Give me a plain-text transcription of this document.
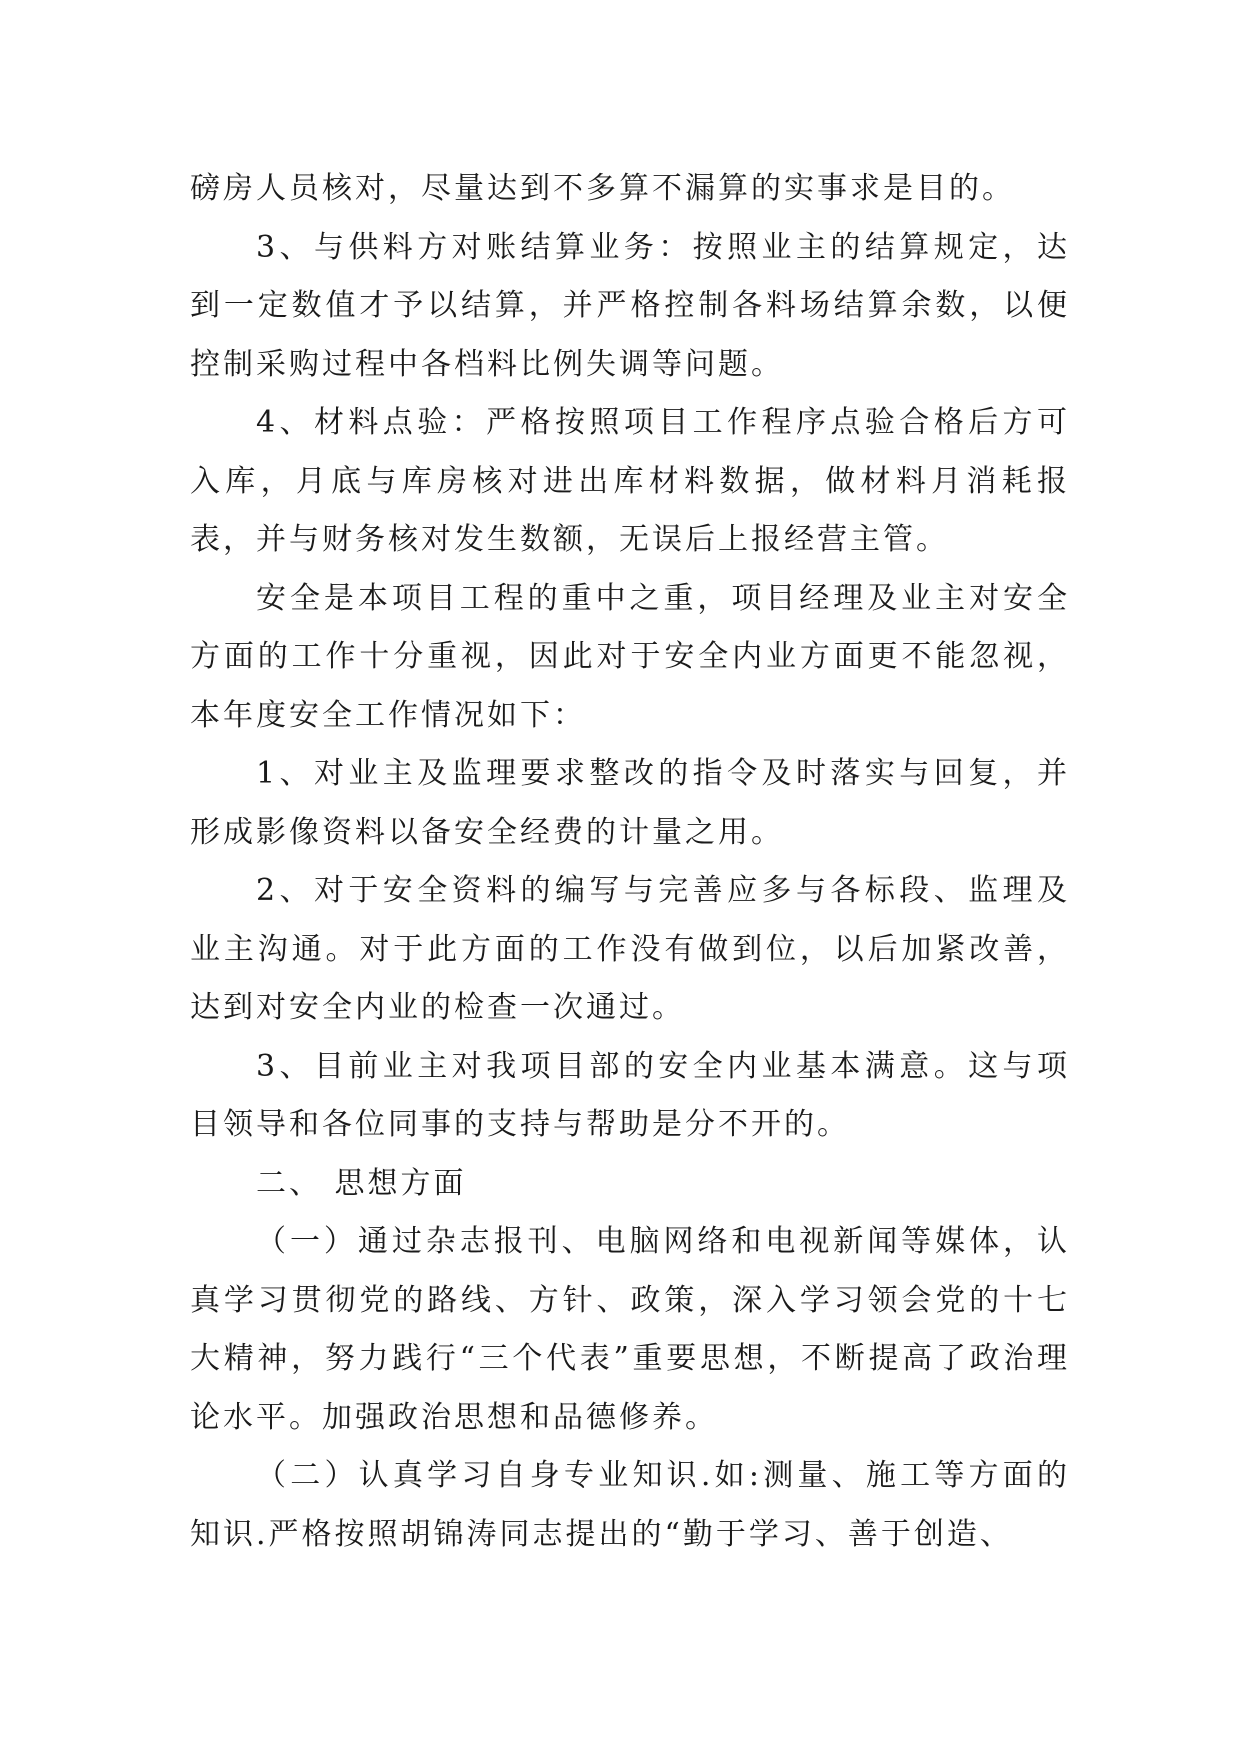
磅房人员核对，尽量达到不多算不漏算的实事求是目的。

3、与供料方对账结算业务：按照业主的结算规定，达到一定数值才予以结算，并严格控制各料场结算余数，以便控制采购过程中各档料比例失调等问题。

4、材料点验：严格按照项目工作程序点验合格后方可入库，月底与库房核对进出库材料数据，做材料月消耗报表，并与财务核对发生数额，无误后上报经营主管。

安全是本项目工程的重中之重，项目经理及业主对安全方面的工作十分重视，因此对于安全内业方面更不能忽视，本年度安全工作情况如下：

1、对业主及监理要求整改的指令及时落实与回复，并形成影像资料以备安全经费的计量之用。

2、对于安全资料的编写与完善应多与各标段、监理及业主沟通。对于此方面的工作没有做到位，以后加紧改善，达到对安全内业的检查一次通过。

3、目前业主对我项目部的安全内业基本满意。这与项目领导和各位同事的支持与帮助是分不开的。

二、 思想方面

（一）通过杂志报刊、电脑网络和电视新闻等媒体，认真学习贯彻党的路线、方针、政策，深入学习领会党的十七大精神，努力践行“三个代表”重要思想，不断提高了政治理论水平。加强政治思想和品德修养。

（二）认真学习自身专业知识.如:测量、施工等方面的知识.严格按照胡锦涛同志提出的“勤于学习、善于创造、
